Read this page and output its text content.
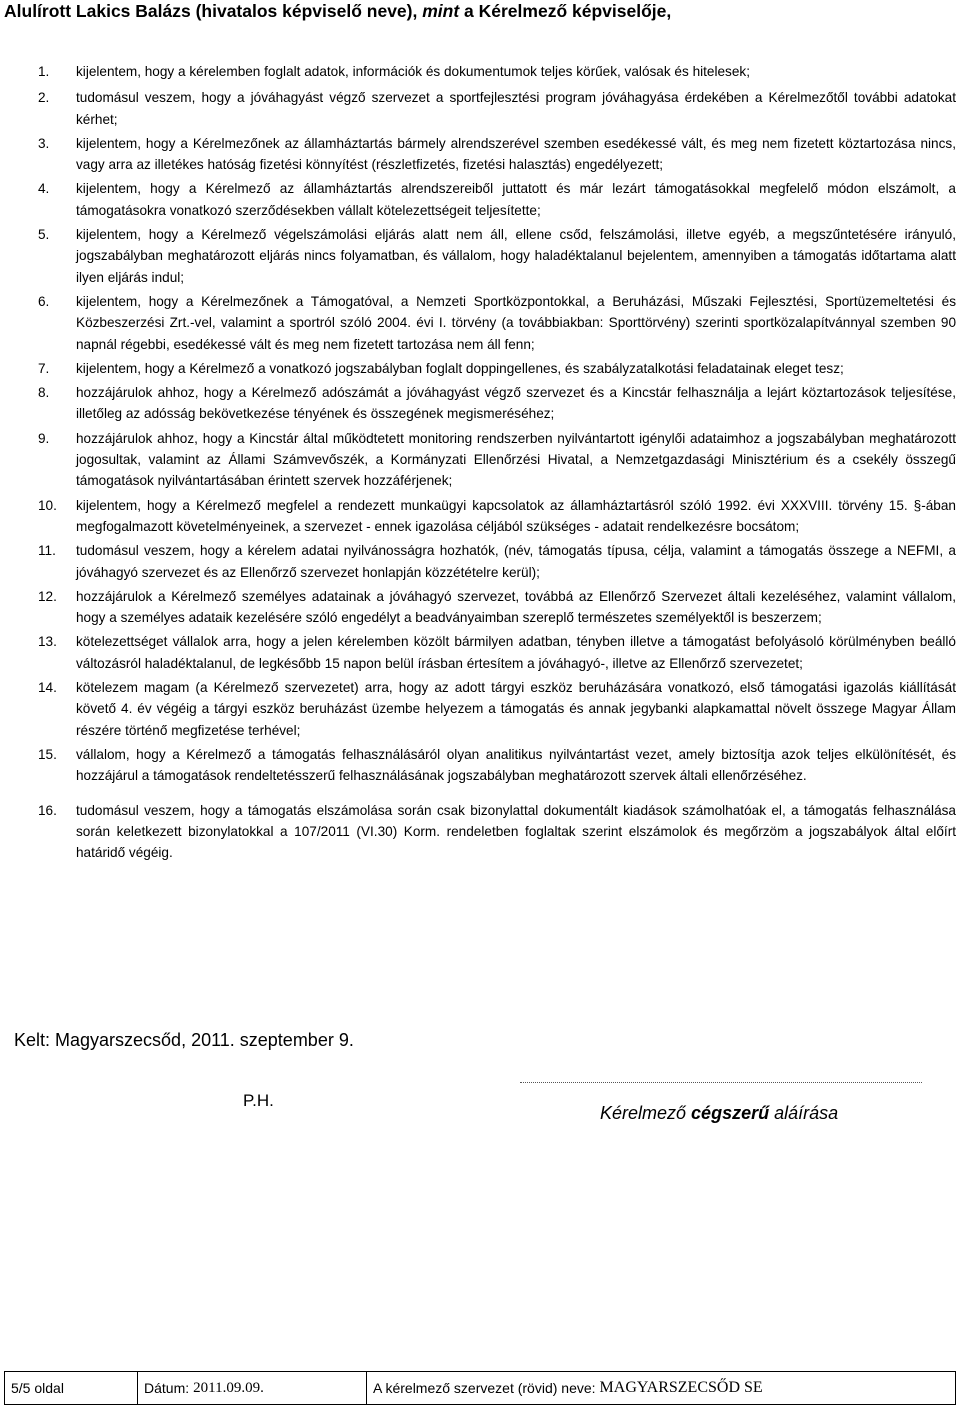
Alulírott Lakics Balázs (hivatalos képviselő neve), mint a Kérelmező képviselője,
1. kijelentem, hogy a kérelemben foglalt adatok, információk és dokumentumok teljes körűek, valósak és hitelesek;
2. tudomásul veszem, hogy a jóváhagyást végző szervezet a sportfejlesztési program jóváhagyása érdekében a Kérelmezőtől további adatokat kérhet;
3. kijelentem, hogy a Kérelmezőnek az államháztartás bármely alrendszerével szemben esedékessé vált, és meg nem fizetett köztartozása nincs, vagy arra az illetékes hatóság fizetési könnyítést (részletfizetés, fizetési halasztás) engedélyezett;
4. kijelentem, hogy a Kérelmező az államháztartás alrendszereiből juttatott és már lezárt támogatásokkal megfelelő módon elszámolt, a támogatásokra vonatkozó szerződésekben vállalt kötelezettségeit teljesítette;
5. kijelentem, hogy a Kérelmező végelszámolási eljárás alatt nem áll, ellene csőd, felszámolási, illetve egyéb, a megszűntetésére irányuló, jogszabályban meghatározott eljárás nincs folyamatban, és vállalom, hogy haladéktalanul bejelentem, amennyiben a támogatás időtartama alatt ilyen eljárás indul;
6. kijelentem, hogy a Kérelmezőnek a Támogatóval, a Nemzeti Sportközpontokkal, a Beruházási, Műszaki Fejlesztési, Sportüzemeltetési és Közbeszerzési Zrt.-vel, valamint a sportról szóló 2004. évi I. törvény (a továbbiakban: Sporttörvény) szerinti sportközalapítvánnyal szemben 90 napnál régebbi, esedékessé vált és meg nem fizetett tartozása nem áll fenn;
7. kijelentem, hogy a Kérelmező a vonatkozó jogszabályban foglalt doppingellenes, és szabályzatalkotási feladatainak eleget tesz;
8. hozzájárulok ahhoz, hogy a Kérelmező adószámát a jóváhagyást végző szervezet és a Kincstár felhasználja a lejárt köztartozások teljesítése, illetőleg az adósság bekövetkezése tényének és összegének megismeréséhez;
9. hozzájárulok ahhoz, hogy a Kincstár által működtetett monitoring rendszerben nyilvántartott igénylői adataimhoz a jogszabályban meghatározott jogosultak, valamint az Állami Számvevőszék, a Kormányzati Ellenőrzési Hivatal, a Nemzetgazdasági Minisztérium és a csekély összegű támogatások nyilvántartásában érintett szervek hozzáférjenek;
10. kijelentem, hogy a Kérelmező megfelel a rendezett munkaügyi kapcsolatok az államháztartásról szóló 1992. évi XXXVIII. törvény 15. §-ában megfogalmazott követelményeinek, a szervezet - ennek igazolása céljából szükséges - adatait rendelkezésre bocsátom;
11. tudomásul veszem, hogy a kérelem adatai nyilvánosságra hozhatók, (név, támogatás típusa, célja, valamint a támogatás összege a NEFMI, a jóváhagyó szervezet és az Ellenőrző szervezet honlapján közzétételre kerül);
12. hozzájárulok a Kérelmező személyes adatainak a jóváhagyó szervezet, továbbá az Ellenőrző Szervezet általi kezeléséhez, valamint vállalom, hogy a személyes adataik kezelésére szóló engedélyt a beadványaimban szereplő természetes személyektől is beszerzem;
13. kötelezettséget vállalok arra, hogy a jelen kérelemben közölt bármilyen adatban, tényben illetve a támogatást befolyásoló körülményben beálló változásról haladéktalanul, de legkésőbb 15 napon belül írásban értesítem a jóváhagyó-, illetve az Ellenőrző szervezetet;
14. kötelezem magam (a Kérelmező szervezetet) arra, hogy az adott tárgyi eszköz beruházására vonatkozó, első támogatási igazolás kiállítását követő 4. év végéig a tárgyi eszköz beruházást üzembe helyezem a támogatás és annak jegybanki alapkamattal növelt összege Magyar Állam részére történő megfizetése terhével;
15. vállalom, hogy a Kérelmező a támogatás felhasználásáról olyan analitikus nyilvántartást vezet, amely biztosítja azok teljes elkülönítését, és hozzájárul a támogatások rendeltetésszerű felhasználásának jogszabályban meghatározott szervek általi ellenőrzéséhez.
16. tudomásul veszem, hogy a támogatás elszámolása során csak bizonylattal dokumentált kiadások számolhatóak el, a támogatás felhasználása során keletkezett bizonylatokkal a 107/2011 (VI.30) Korm. rendeletben foglaltak szerint elszámolok és megőrzöm a jogszabályok által előírt határidő végéig.
Kelt: Magyarszecsőd, 2011. szeptember 9.
P.H.
Kérelmező cégszerű aláírása
5/5 oldal	Dátum: 2011.09.09.	A kérelmező szervezet (rövid) neve: MAGYARSZECSŐD SE
